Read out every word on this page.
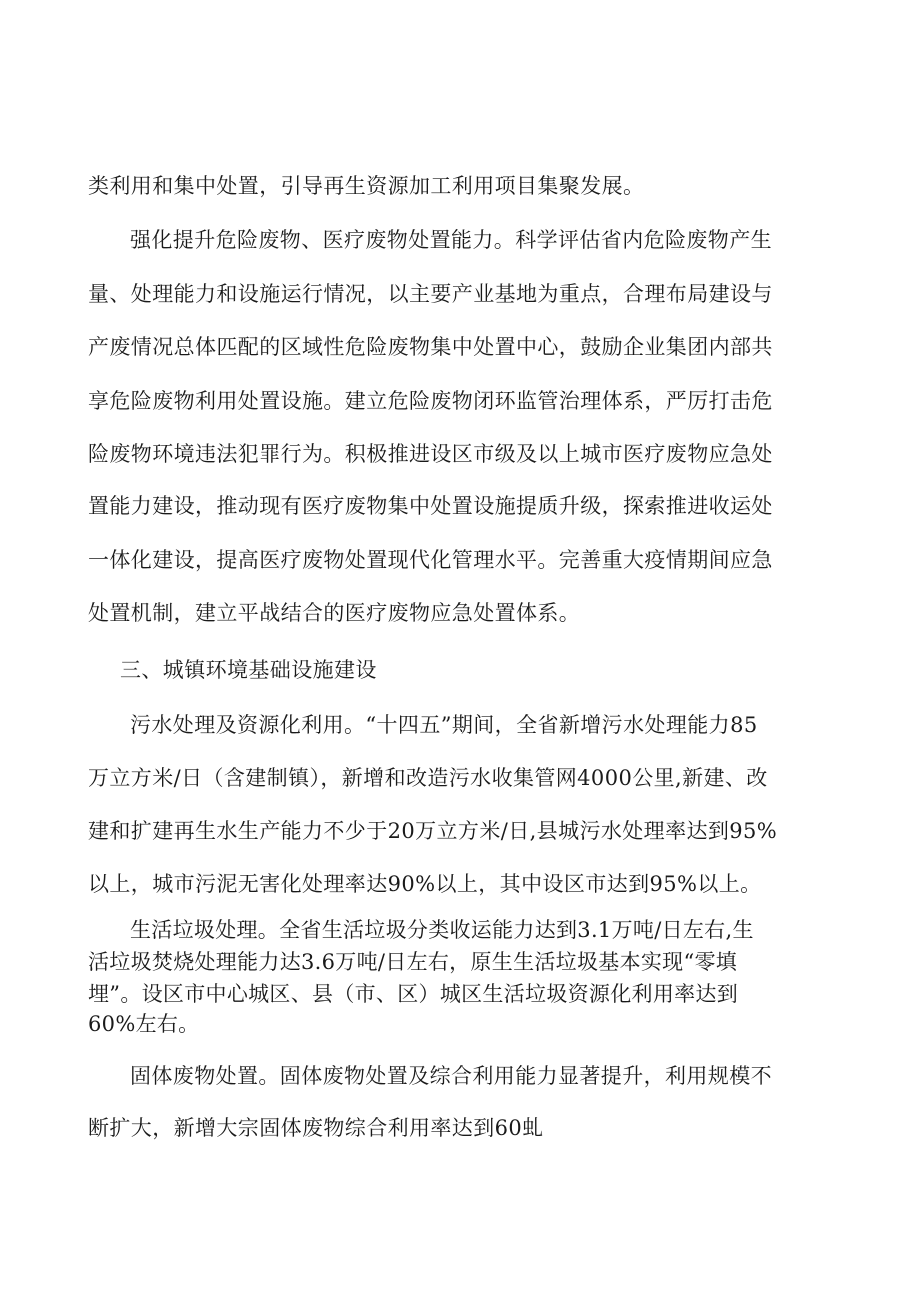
类利用和集中处置，引导再生资源加工利用项目集聚发展。
强化提升危险废物、医疗废物处置能力。科学评估省内危险废物产生
量、处理能力和设施运行情况，以主要产业基地为重点，合理布局建设与
产废情况总体匹配的区域性危险废物集中处置中心，鼓励企业集团内部共
享危险废物利用处置设施。建立危险废物闭环监管治理体系，严厉打击危
险废物环境违法犯罪行为。积极推进设区市级及以上城市医疗废物应急处
置能力建设，推动现有医疗废物集中处置设施提质升级，探索推进收运处
一体化建设，提高医疗废物处置现代化管理水平。完善重大疫情期间应急
处置机制，建立平战结合的医疗废物应急处置体系。
三、城镇环境基础设施建设
污水处理及资源化利用。“十四五”期间，全省新增污水处理能力85
万立方米/日（含建制镇），新增和改造污水收集管网4000公里,新建、改
建和扩建再生水生产能力不少于20万立方米/日,县城污水处理率达到95%
以上，城市污泥无害化处理率达90%以上，其中设区市达到95%以上。
生活垃圾处理。全省生活垃圾分类收运能力达到3.1万吨/日左右,生
活垃圾焚烧处理能力达3.6万吨/日左右，原生生活垃圾基本实现“零填
埋”。设区市中心城区、县（市、区）城区生活垃圾资源化利用率达到
60%左右。
固体废物处置。固体废物处置及综合利用能力显著提升，利用规模不
断扩大，新增大宗固体废物综合利用率达到60虬
